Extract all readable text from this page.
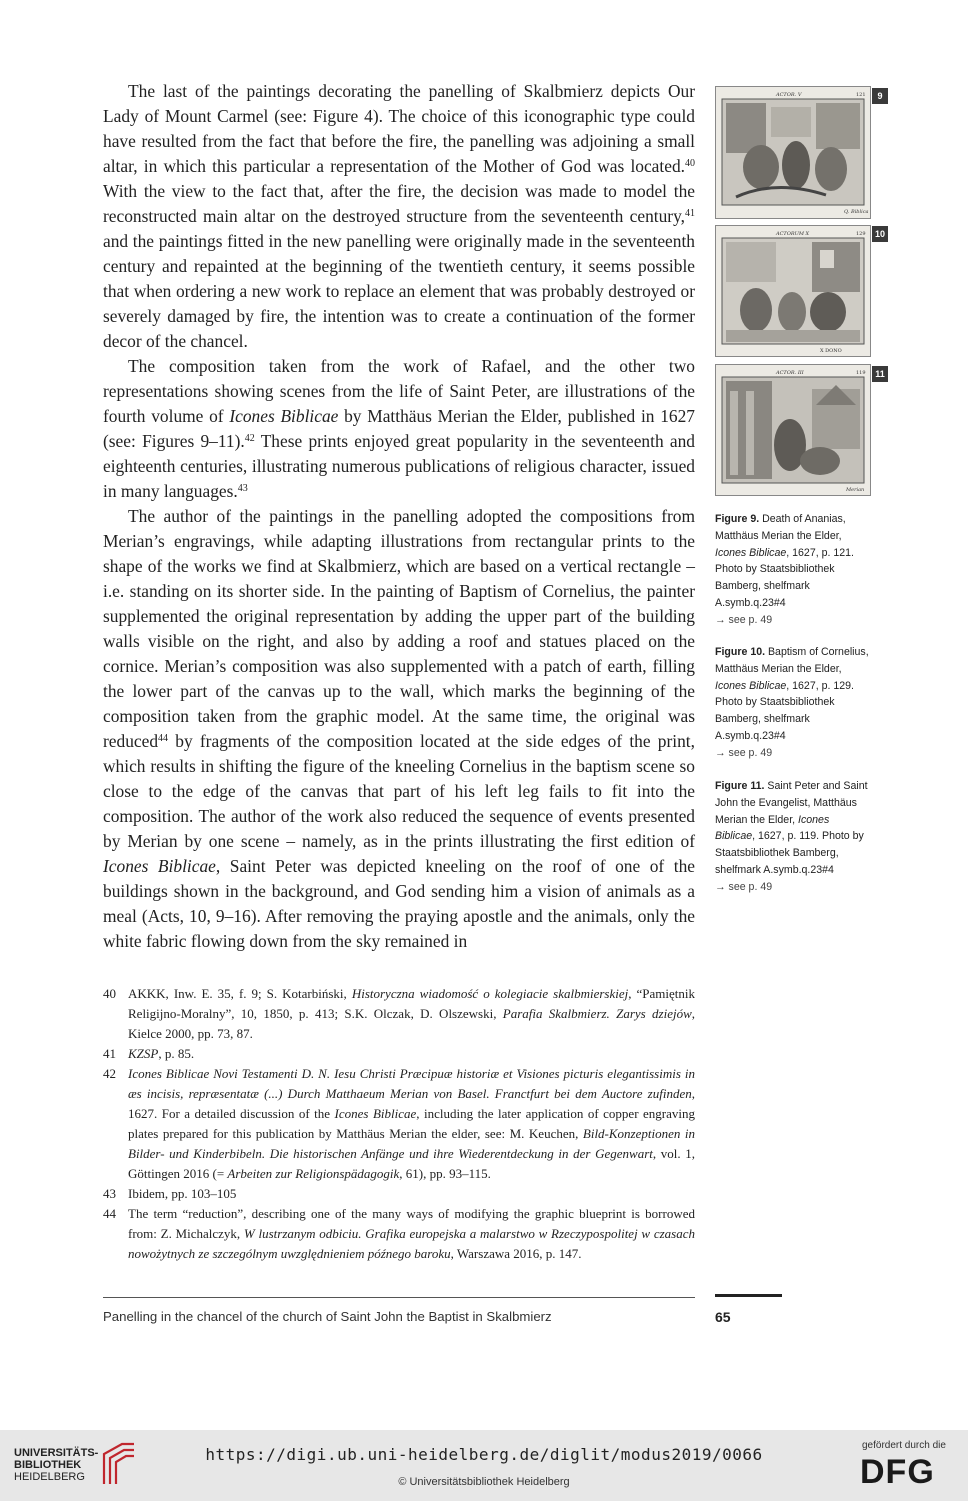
The last of the paintings decorating the panelling of Skalbmierz depicts Our Lady of Mount Carmel (see: Figure 4). The choice of this iconographic type could have resulted from the fact that before the fire, the panelling was adjoining a small altar, in which this particular a representation of the Mother of God was located.$^{40}$ With the view to the fact that, after the fire, the decision was made to model the reconstructed main altar on the destroyed structure from the seventeenth century,$^{41}$ and the paintings fitted in the new panelling were originally made in the seventeenth century and repainted at the beginning of the twentieth century, it seems possible that when ordering a new work to replace an element that was probably destroyed or severely damaged by fire, the intention was to create a continuation of the former decor of the chancel.

The composition taken from the work of Rafael, and the other two representations showing scenes from the life of Saint Peter, are illustrations of the fourth volume of Icones Biblicae by Matthäus Merian the Elder, published in 1627 (see: Figures 9–11).$^{42}$ These prints enjoyed great popularity in the seventeenth and eighteenth centuries, illustrating numerous publications of religious character, issued in many languages.$^{43}$

The author of the paintings in the panelling adopted the compositions from Merian’s engravings, while adapting illustrations from rectangular prints to the shape of the works we find at Skalbmierz, which are based on a vertical rectangle – i.e. standing on its shorter side. In the painting of Baptism of Cornelius, the painter supplemented the original representation by adding the upper part of the building walls visible on the right, and also by adding a roof and statues placed on the cornice. Merian’s composition was also supplemented with a patch of earth, filling the lower part of the canvas up to the wall, which marks the beginning of the composition taken from the graphic model. At the same time, the original was reduced$^{44}$ by fragments of the composition located at the side edges of the print, which results in shifting the figure of the kneeling Cornelius in the baptism scene so close to the edge of the canvas that part of his left leg fails to fit into the composition. The author of the work also reduced the sequence of events presented by Merian by one scene – namely, as in the prints illustrating the first edition of Icones Biblicae, Saint Peter was depicted kneeling on the roof of one of the buildings shown in the background, and God sending him a vision of animals as a meal (Acts, 10, 9–16). After removing the praying apostle and the animals, only the white fabric flowing down from the sky remained in

ACTOR. V	121
Q. Biblica
9
ACTORUM X	129
X DONO
10
ACTOR. III	119
Merian
11
Figure 9. Death of Ananias, Matthäus Merian the Elder, Icones Biblicae, 1627, p. 121. Photo by Staatsbibliothek Bamberg, shelfmark A.symb.q.23#4
→ see p. 49
Figure 10. Baptism of Cornelius, Matthäus Merian the Elder, Icones Biblicae, 1627, p. 129. Photo by Staatsbibliothek Bamberg, shelfmark A.symb.q.23#4
→ see p. 49
Figure 11. Saint Peter and Saint John the Evangelist, Matthäus Merian the Elder, Icones Biblicae, 1627, p. 119. Photo by Staatsbibliothek Bamberg, shelfmark A.symb.q.23#4
→ see p. 49
40 AKKK, Inw. E. 35, f. 9; S. Kotarbiński, Historyczna wiadomość o kolegiacie skalbmierskiej, “Pamiętnik Religijno-Moralny”, 10, 1850, p. 413; S.K. Olczak, D. Olszewski, Parafia Skalbmierz. Zarys dziejów, Kielce 2000, pp. 73, 87.
41 KZSP, p. 85.
42 Icones Biblicae Novi Testamenti D. N. Iesu Christi Præcipuæ historiæ et Visiones picturis elegantissimis in æs incisis, repræsentatæ (...) Durch Matthaeum Merian von Basel. Franctfurt bei dem Auctore zufinden, 1627. For a detailed discussion of the Icones Biblicae, including the later application of copper engraving plates prepared for this publication by Matthäus Merian the elder, see: M. Keuchen, Bild-Konzeptionen in Bilder- und Kinderbibeln. Die historischen Anfänge und ihre Wiederentdeckung in der Gegenwart, vol. 1, Göttingen 2016 (= Arbeiten zur Religionspädagogik, 61), pp. 93–115.
43 Ibidem, pp. 103–105
44 The term “reduction”, describing one of the many ways of modifying the graphic blueprint is borrowed from: Z. Michalczyk, W lustrzanym odbiciu. Grafika europejska a malarstwo w Rzeczypospolitej w czasach nowożytnych ze szczególnym uwzględnieniem późnego baroku, Warszawa 2016, p. 147.
Panelling in the chancel of the church of Saint John the Baptist in Skalbmierz	65
UNIVERSITÄTS-
BIBLIOTHEK
HEIDELBERG
https://digi.ub.uni-heidelberg.de/diglit/modus2019/0066
© Universitätsbibliothek Heidelberg
gefördert durch die
DFG
